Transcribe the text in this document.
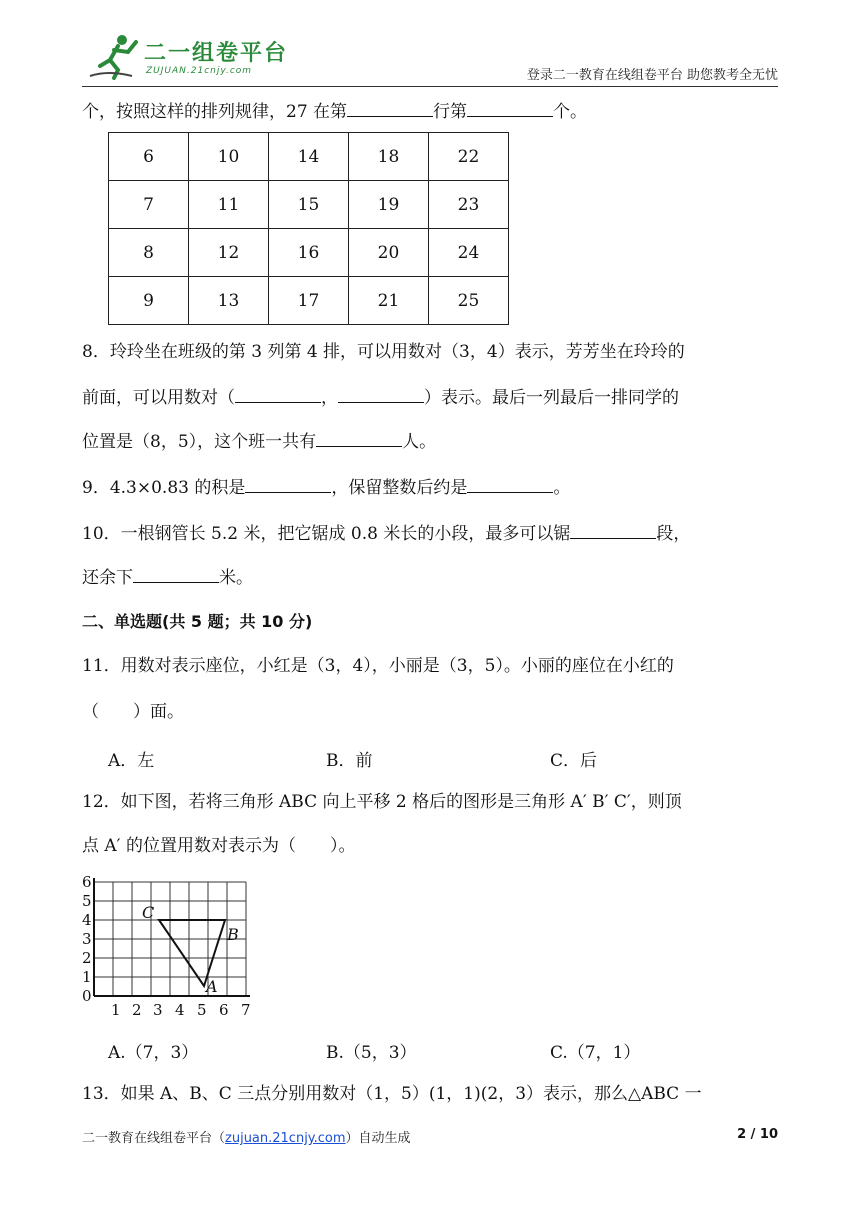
二一组卷平台
ZUJUAN.21cnjy.com	登录二一教育在线组卷平台 助您教考全无忧
个，按照这样的排列规律，27 在第	行第	个。
6	10	14	18	22
7	11	15	19	23
8	12	16	20	24
9	13	17	21	25
8．玲玲坐在班级的第 3 列第 4 排，可以用数对（3，4）表示，芳芳坐在玲玲的
前面，可以用数对（	，	）表示。最后一列最后一排同学的
位置是（8，5），这个班一共有	人。
9．4.3×0.83 的积是	，保留整数后约是	。
10．一根钢管长 5.2 米，把它锯成 0.8 米长的小段，最多可以锯	段，
还余下	米。
二、单选题(共 5 题；共 10 分)
11．用数对表示座位，小红是（3，4），小丽是（3，5）。小丽的座位在小红的
（　　）面。
A．左	B．前	C．后
12．如下图，若将三角形 ABC 向上平移 2 格后的图形是三角形 A′ B′ C′，则顶
点 A′ 的位置用数对表示为（　　）。
6
5
4
3
2
1
0
1 2 3 4 5 6 7
C
B
A
A.（7，3）	B.（5，3）	C.（7，1）
13．如果 A、B、C 三点分别用数对（1，5）(1，1)(2，3）表示，那么△ABC 一
二一教育在线组卷平台（zujuan.21cnjy.com）自动生成	2 / 10
